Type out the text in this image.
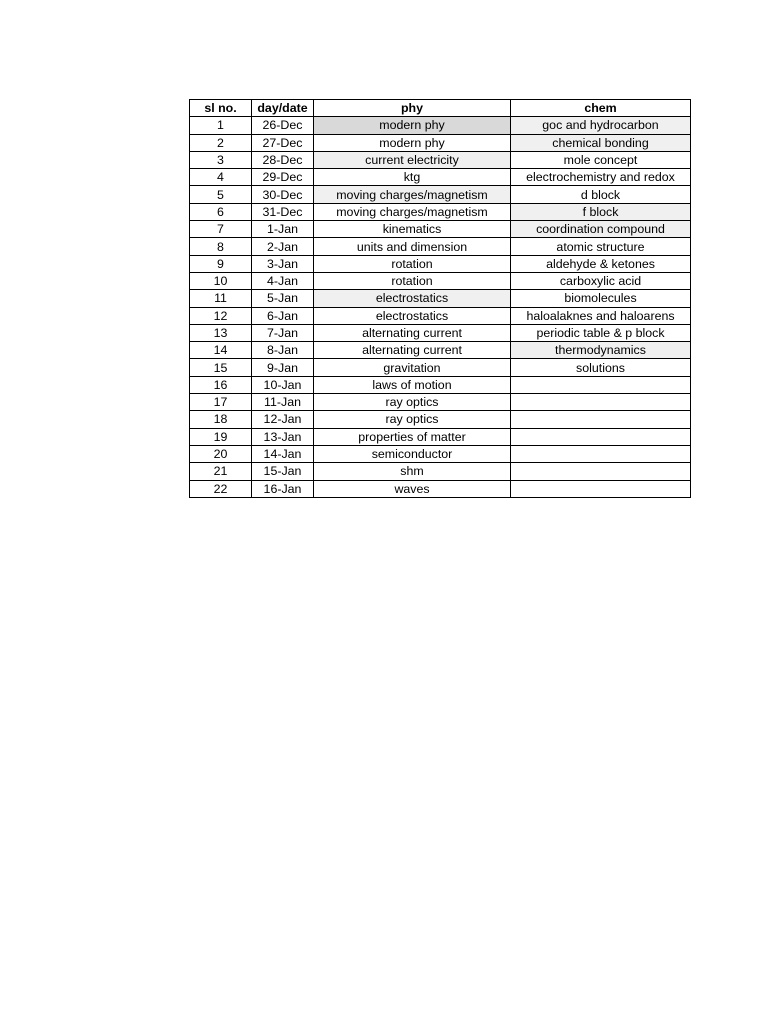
sl no.	day/date	phy	chem
1	26-Dec	modern phy	goc and hydrocarbon
2	27-Dec	modern phy	chemical bonding
3	28-Dec	current electricity	mole concept
4	29-Dec	ktg	electrochemistry and redox
5	30-Dec	moving charges/magnetism	d block
6	31-Dec	moving charges/magnetism	f block
7	1-Jan	kinematics	coordination compound
8	2-Jan	units and dimension	atomic structure
9	3-Jan	rotation	aldehyde & ketones
10	4-Jan	rotation	carboxylic acid
11	5-Jan	electrostatics	biomolecules
12	6-Jan	electrostatics	haloalaknes and haloarens
13	7-Jan	alternating current	periodic table & p block
14	8-Jan	alternating current	thermodynamics
15	9-Jan	gravitation	solutions
16	10-Jan	laws of motion	
17	11-Jan	ray optics	
18	12-Jan	ray optics	
19	13-Jan	properties of matter	
20	14-Jan	semiconductor	
21	15-Jan	shm	
22	16-Jan	waves	
